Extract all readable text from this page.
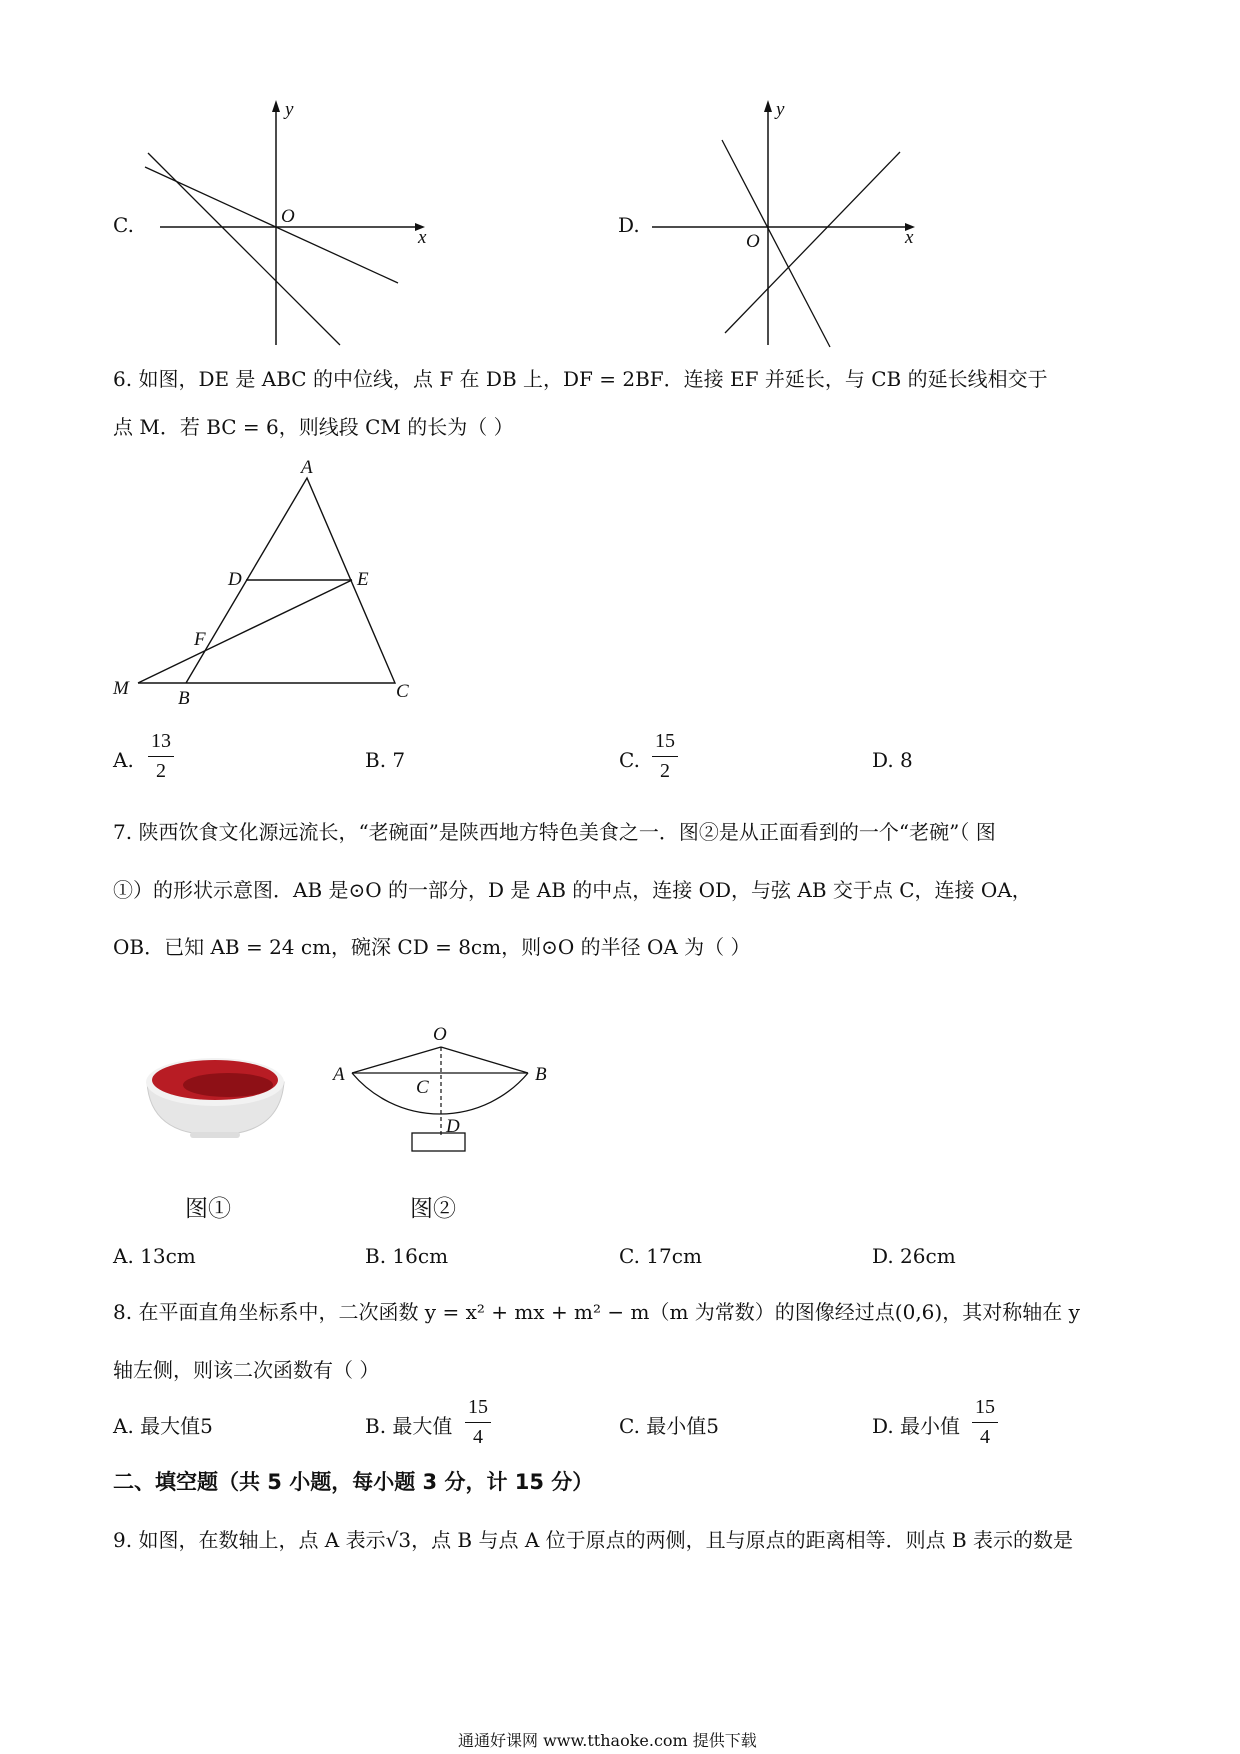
C.
x
y
O	D.
x
y
O
6. 如图，DE 是 ABC 的中位线，点 F 在 DB 上，DF = 2BF．连接 EF 并延长，与 CB 的延长线相交于
点 M．若 BC = 6，则线段 CM 的长为（ ）
A
D	E
F
M	B	C
A.
13
2	B. 7	C.
15
2	D. 8
7. 陕西饮食文化源远流长，“老碗面”是陕西地方特色美食之一．图②是从正面看到的一个“老碗”（ 图
①）的形状示意图．AB 是⊙O 的一部分，D 是 AB 的中点，连接 OD，与弦 AB 交于点 C，连接 OA，
OB．已知 AB = 24 cm，碗深 CD = 8cm，则⊙O 的半径 OA 为（ ）
O
A	B
C
D
图①	图②
A. 13cm	B. 16cm	C. 17cm	D. 26cm
8. 在平面直角坐标系中，二次函数 y = x² + mx + m² − m（m 为常数）的图像经过点(0,6)，其对称轴在 y
轴左侧，则该二次函数有（ ）
A. 最大值5	B. 最大值
15
4	C. 最小值5	D. 最小值
15
4
二、填空题（共 5 小题，每小题 3 分，计 15 分）
9. 如图，在数轴上，点 A 表示√3，点 B 与点 A 位于原点的两侧，且与原点的距离相等．则点 B 表示的数是
通通好课网 www.tthaoke.com 提供下载
